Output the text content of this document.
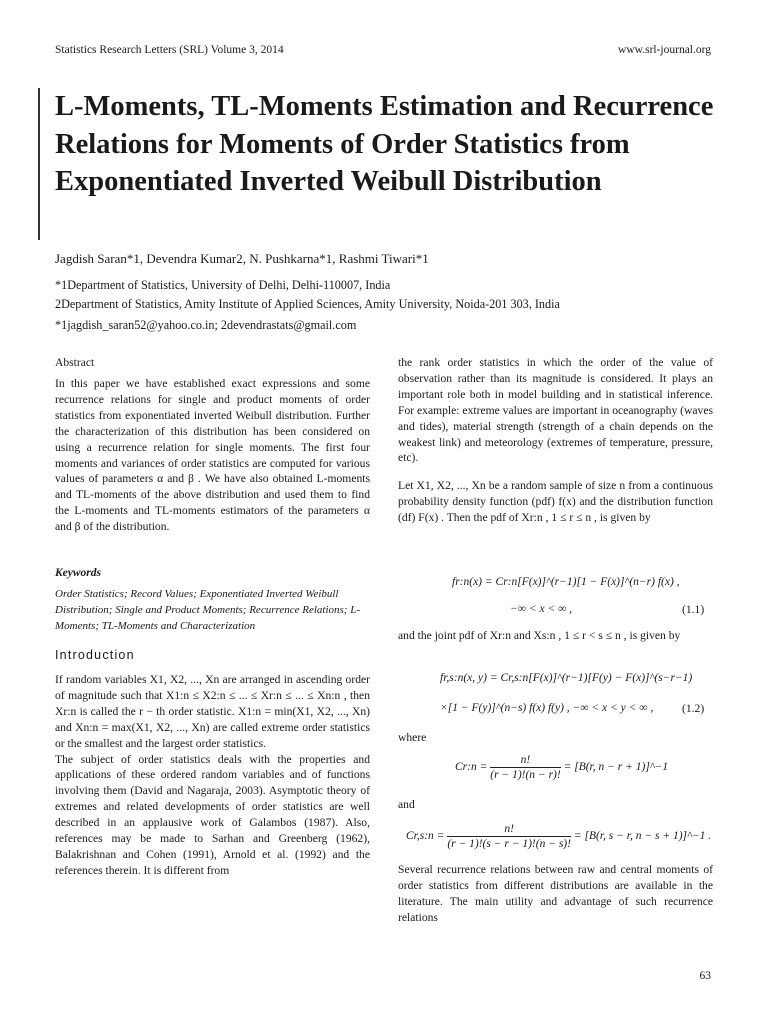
Statistics Research Letters (SRL) Volume 3, 2014	www.srl-journal.org
L-Moments, TL-Moments Estimation and Recurrence Relations for Moments of Order Statistics from Exponentiated Inverted Weibull Distribution
Jagdish Saran*1, Devendra Kumar2, N. Pushkarna*1, Rashmi Tiwari*1
*1Department of Statistics, University of Delhi, Delhi-110007, India
2Department of Statistics, Amity Institute of Applied Sciences, Amity University, Noida-201 303, India
*1jagdish_saran52@yahoo.co.in; 2devendrastats@gmail.com
Abstract

In this paper we have established exact expressions and some recurrence relations for single and product moments of order statistics from exponentiated inverted Weibull distribution. Further the characterization of this distribution has been considered on using a recurrence relation for single moments. The first four moments and variances of order statistics are computed for various values of parameters α and β . We have also obtained L-moments and TL-moments of the above distribution and used them to find the L-moments and TL-moments estimators of the parameters α and β of the distribution.

Keywords
Order Statistics; Record Values; Exponentiated Inverted Weibull Distribution; Single and Product Moments; Recurrence Relations; L-Moments; TL-Moments and Characterization
Introduction

If random variables X1, X2, ..., Xn are arranged in ascending order of magnitude such that X1:n ≤ X2:n ≤ ... ≤ Xr:n ≤ ... ≤ Xn:n , then Xr:n is called the r − th order statistic. X1:n = min(X1, X2, ..., Xn) and Xn:n = max(X1, X2, ..., Xn) are called extreme order statistics or the smallest and the largest order statistics.

The subject of order statistics deals with the properties and applications of these ordered random variables and of functions involving them (David and Nagaraja, 2003). Asymptotic theory of extremes and related developments of order statistics are well described in an applausive work of Galambos (1987). Also, references may be made to Sarhan and Greenberg (1962), Balakrishnan and Cohen (1991), Arnold et al. (1992) and the references therein. It is different from

the rank order statistics in which the order of the value of observation rather than its magnitude is considered. It plays an important role both in model building and in statistical inference. For example: extreme values are important in oceanography (waves and tides), material strength (strength of a chain depends on the weakest link) and meteorology (extremes of temperature, pressure, etc).

Let X1, X2, ..., Xn be a random sample of size n from a continuous probability density function (pdf) f(x) and the distribution function (df) F(x) . Then the pdf of Xr:n , 1 ≤ r ≤ n , is given by

fr:n(x) = Cr:n[F(x)]^(r−1)[1 − F(x)]^(n−r) f(x) ,
−∞ < x < ∞ ,	(1.1)
and the joint pdf of Xr:n and Xs:n , 1 ≤ r < s ≤ n , is given by
fr,s:n(x, y) = Cr,s:n[F(x)]^(r−1)[F(y) − F(x)]^(s−r−1)
×[1 − F(y)]^(n−s) f(x) f(y) , −∞ < x < y < ∞ , (1.2)
where
Cr:n = $\frac{n!}{(r - 1)!(n - r)!} = [B(r$, n − r + 1)]^−1
and
Cr,s:n = $\frac{n!}{(r - 1)!(s - r - 1)!(n - s)!} = [B(r$, s − r, n − s + 1)]^−1 .
Several recurrence relations between raw and central moments of order statistics from different distributions are available in the literature. The main utility and advantage of such recurrence relations
63
